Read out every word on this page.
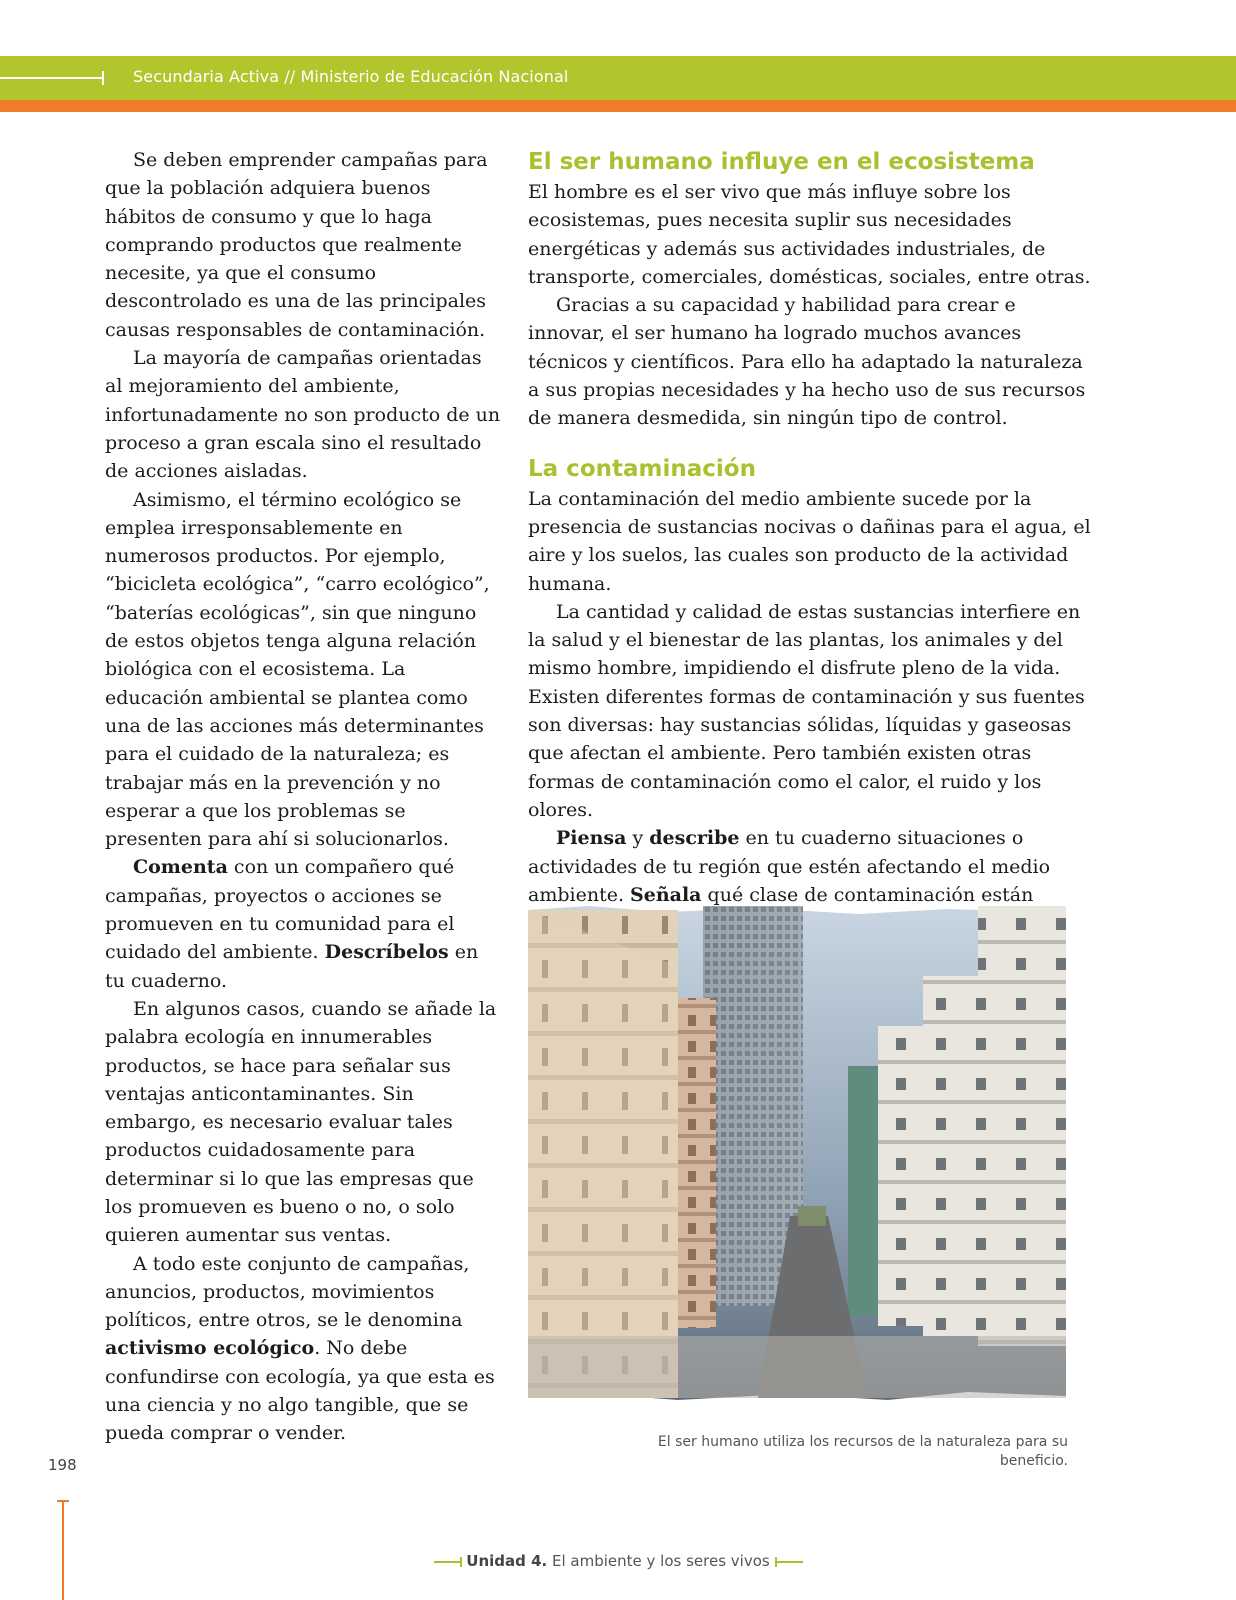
Secundaria Activa // Ministerio de Educación Nacional

Se deben emprender campañas para que la población adquiera buenos hábitos de consumo y que lo haga comprando productos que realmente necesite, ya que el consumo descontrolado es una de las principales causas responsables de contaminación.

La mayoría de campañas orientadas al mejoramiento del ambiente, infortunadamente no son producto de un proceso a gran escala sino el resultado de acciones aisladas.

Asimismo, el término ecológico se emplea irresponsablemente en numerosos productos. Por ejemplo, “bicicleta ecológica”, “carro ecológico”, “baterías ecológicas”, sin que ninguno de estos objetos tenga alguna relación biológica con el ecosistema. La educación ambiental se plantea como una de las acciones más determinantes para el cuidado de la naturaleza; es trabajar más en la prevención y no esperar a que los problemas se presenten para ahí si solucionarlos.

Comenta con un compañero qué campañas, proyectos o acciones se promueven en tu comunidad para el cuidado del ambiente. Descríbelos en tu cuaderno.

En algunos casos, cuando se añade la palabra ecología en innumerables productos, se hace para señalar sus ventajas anticontaminantes. Sin embargo, es necesario evaluar tales productos cuidadosamente para determinar si lo que las empresas que los promueven es bueno o no, o solo quieren aumentar sus ventas.

A todo este conjunto de campañas, anuncios, productos, movimientos políticos, entre otros, se le denomina activismo ecológico. No debe confundirse con ecología, ya que esta es una ciencia y no algo tangible, que se pueda comprar o vender.

El ser humano influye en el ecosistema

El hombre es el ser vivo que más influye sobre los ecosistemas, pues necesita suplir sus necesidades energéticas y además sus actividades industriales, de transporte, comerciales, domésticas, sociales, entre otras.

Gracias a su capacidad y habilidad para crear e innovar, el ser humano ha logrado muchos avances técnicos y científicos. Para ello ha adaptado la naturaleza a sus propias necesidades y ha hecho uso de sus recursos de manera desmedida, sin ningún tipo de control.

La contaminación

La contaminación del medio ambiente sucede por la presencia de sustancias nocivas o dañinas para el agua, el aire y los suelos, las cuales son producto de la actividad humana.

La cantidad y calidad de estas sustancias interfiere en la salud y el bienestar de las plantas, los animales y del mismo hombre, impidiendo el disfrute pleno de la vida. Existen diferentes formas de contaminación y sus fuentes son diversas: hay sustancias sólidas, líquidas y gaseosas que afectan el ambiente. Pero también existen otras formas de contaminación como el calor, el ruido y los olores.

Piensa y describe en tu cuaderno situaciones o actividades de tu región que estén afectando el medio ambiente. Señala qué clase de contaminación están

El ser humano utiliza los recursos de la naturaleza para su beneficio.
198
Unidad 4. El ambiente y los seres vivos
